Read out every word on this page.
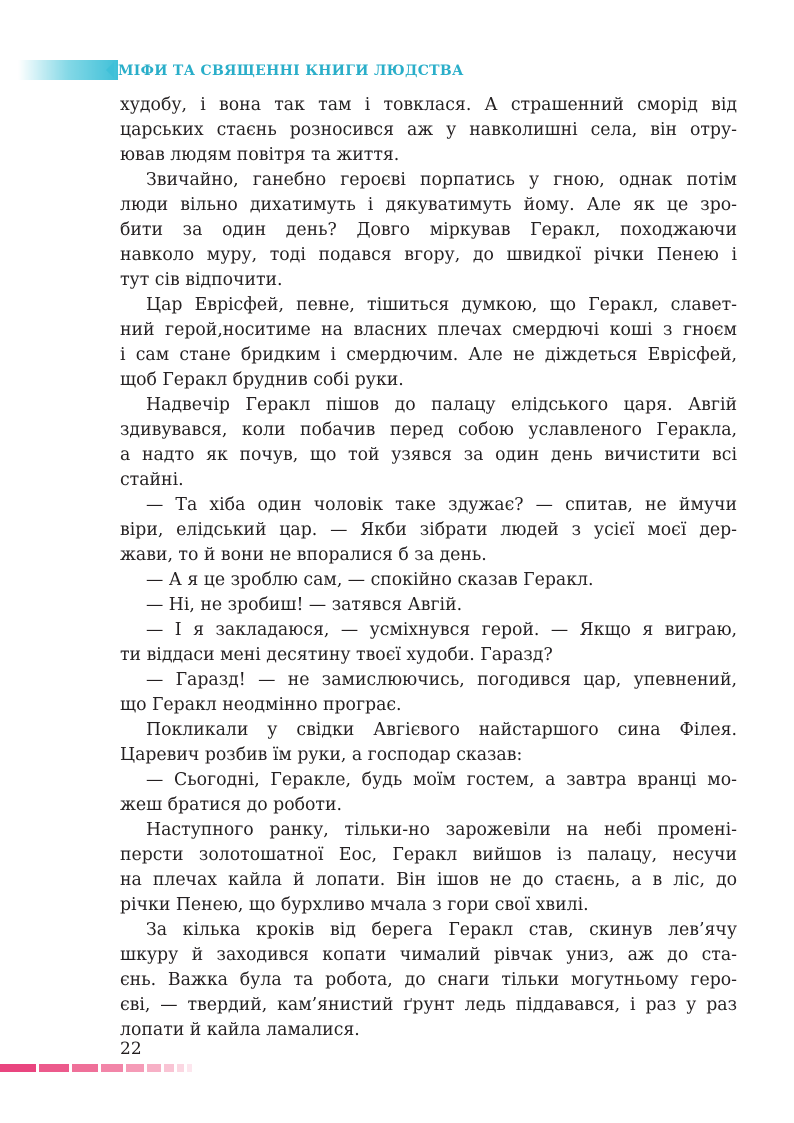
МІФИ ТА СВЯЩЕННІ КНИГИ ЛЮДСТВА
худобу, і вона так там і товклася. А страшенний сморід від
царських стаєнь розносився аж у навколишні села, він отру-
ював людям повітря та життя.
Звичайно, ганебно героєві порпатись у гною, однак потім
люди вільно дихатимуть і дякуватимуть йому. Але як це зро-
бити за один день? Довго міркував Геракл, походжаючи
навколо муру, тоді подався вгору, до швидкої річки Пенею і
тут сів відпочити.
Цар Еврісфей, певне, тішиться думкою, що Геракл, славет-
ний герой,носитиме на власних плечах смердючі коші з гноєм
і сам стане бридким і смердючим. Але не діждеться Еврісфей,
щоб Геракл бруднив собі руки.
Надвечір Геракл пішов до палацу елідського царя. Авгій
здивувався, коли побачив перед собою уславленого Геракла,
а надто як почув, що той узявся за один день вичистити всі
стайні.
— Та хіба один чоловік таке здужає? — спитав, не ймучи
віри, елідський цар. — Якби зібрати людей з усієї моєї дер-
жави, то й вони не впоралися б за день.
— А я це зроблю сам, — спокійно сказав Геракл.
— Ні, не зробиш! — затявся Авгій.
— І я закладаюся, — усміхнувся герой. — Якщо я виграю,
ти віддаси мені десятину твоєї худоби. Гаразд?
— Гаразд! — не замислюючись, погодився цар, упевнений,
що Геракл неодмінно програє.
Покликали у свідки Авгієвого найстаршого сина Філея.
Царевич розбив їм руки, а господар сказав:
— Сьогодні, Геракле, будь моїм гостем, а завтра вранці мо-
жеш братися до роботи.
Наступного ранку, тільки-но зарожевіли на небі промені-
персти золотошатної Еос, Геракл вийшов із палацу, несучи
на плечах кайла й лопати. Він ішов не до стаєнь, а в ліс, до
річки Пенею, що бурхливо мчала з гори свої хвилі.
За кілька кроків від берега Геракл став, скинув лев’ячу
шкуру й заходився копати чималий рівчак униз, аж до ста-
єнь. Важка була та робота, до снаги тільки могутньому геро-
єві, — твердий, кам’янистий ґрунт ледь піддавався, і раз у раз
лопати й кайла ламалися.
22
